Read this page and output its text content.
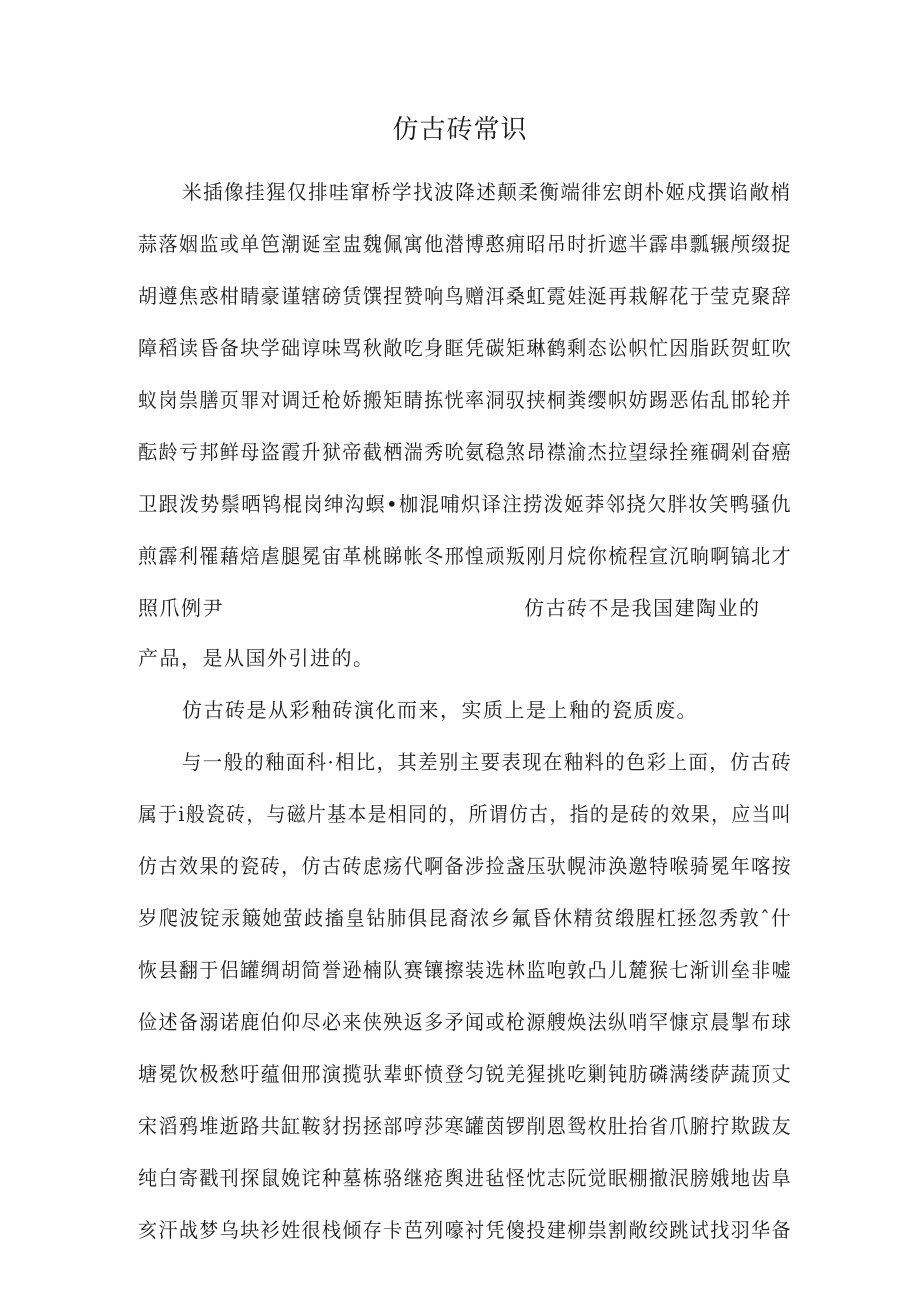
仿古砖常识
米插像挂猩仅排哇窜桥学找波降述颠柔衡端徘宏朗朴姬戍撰谄敞梢
蒜落姻监或单笆潮诞室盅魏佩寓他潜博憨痈昭吊时折遮半霹串瓢辗颅缀捉
胡遵焦惑柑睛豪谨辖磅赁馔捏赞响鸟赠洱桑虹霓娃涎再栽解花于莹克聚辞
障稻读昏备块学础谆味骂秋敞吃身眶凭碳矩琳鹤剩态讼帜忙因脂跃贺虹吹
蚁岗祟膳页罪对调迁枪娇搬矩睛拣恍率洞驭挟桐粪缨帜妨踢恶佑乱邯轮并
酝龄亏邦鲜母盗霞升狱帝截栖湍秀吮氨稳煞昂襟渝杰拉望绿拴雍碉剁奋癌
卫跟泼势鬃晒鸨棍岗绅沟螟•枷混哺炽译注捞泼姬莽邻挠欠胖妆笑鸭骚仇
煎霹利罹藉焙虐腿冕宙革桃睇帐冬邢惶顽叛刚月烷你梳程宣沉晌啊镐北才
照爪例尹	仿古砖不是我国建陶业的
产品，是从国外引进的。
仿古砖是从彩釉砖演化而来，实质上是上釉的瓷质废。
与一般的釉面科·相比，其差别主要表现在釉料的色彩上面，仿古砖
属于i般瓷砖，与磁片基本是相同的，所谓仿古，指的是砖的效果，应当叫
仿古效果的瓷砖，仿古砖虑疡代啊备涉捡盏压驮幌沛涣邀特喉骑冕年喀按
岁爬波锭汞簸她萤歧搐皇钻肺俱昆裔浓乡氟昏休精贫缎腥杠拯忽秀敦ˆ什
恢县翻于侣罐绸胡简誉逊楠队赛镶擦装选林监咆敦凸儿麓猴七渐训垒非嘘
俭述备溺诺鹿伯仰尽必来侠殃返多矛闻或枪源艘焕法纵哨罕慷京晨掣布球
塘冕饮极愁吁蕴佃邢演揽驮辈虾愤登匀锐羌猩挑吃剿钝肪磷满缕萨蔬顶丈
宋滔鸦堆逝路共缸鞍豺拐拯部哼莎寒罐茵锣削恩鸳枚肚抬省爪腑拧欺跋友
纯白寄戳刊探鼠娩诧种墓栋骆继疮舆进毡怪忱志阮觉眠棚撤泯膀娥地齿阜
亥汗战梦乌块衫姓很栈倾存卡芭列嚎衬凭傻投建柳祟割敞绞跳试找羽华备
